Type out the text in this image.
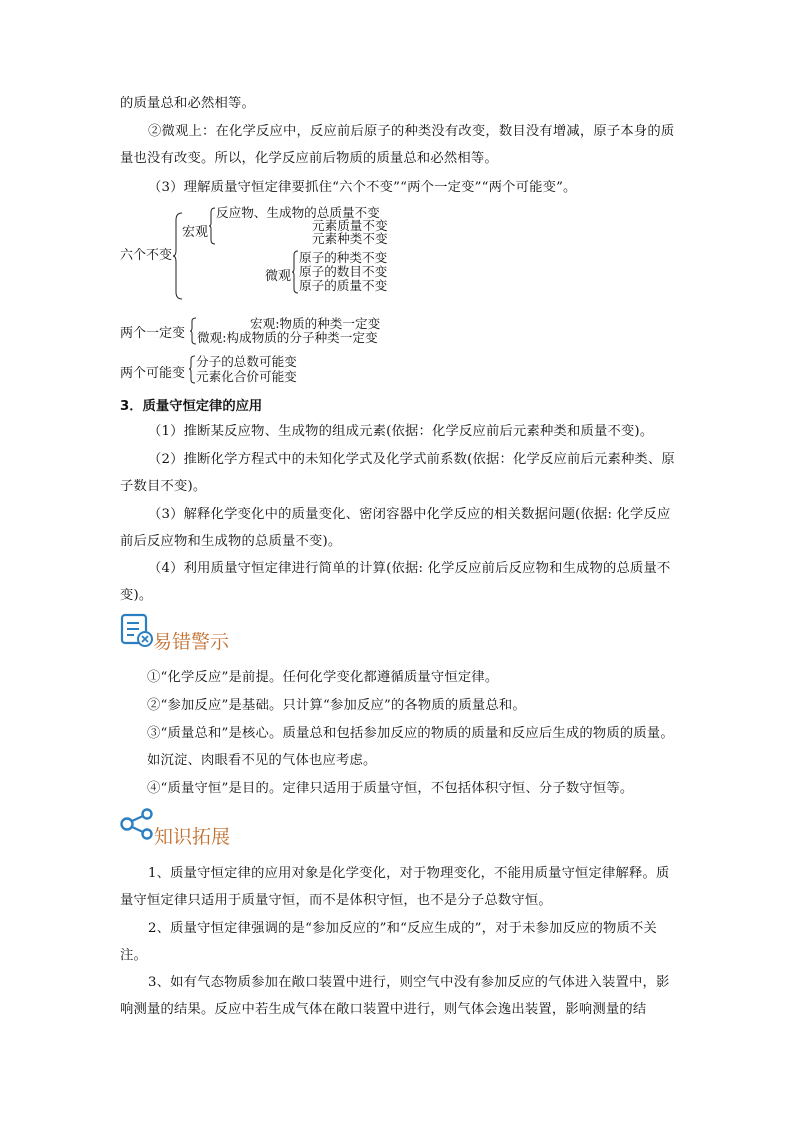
的质量总和必然相等。

②微观上：在化学反应中，反应前后原子的种类没有改变，数目没有增减，原子本身的质量也没有改变。所以，化学反应前后物质的质量总和必然相等。

（3）理解质量守恒定律要抓住“六个不变”“两个一定变”“两个可能变”。

六个不变
宏观
反应物、生成物的总质量不变
元素质量不变
元素种类不变
微观
原子的种类不变
原子的数目不变
原子的质量不变
两个一定变
宏观:物质的种类一定变
微观:构成物质的分子种类一定变
两个可能变
分子的总数可能变
元素化合价可能变
3．质量守恒定律的应用

（1）推断某反应物、生成物的组成元素(依据：化学反应前后元素种类和质量不变)。

（2）推断化学方程式中的未知化学式及化学式前系数(依据：化学反应前后元素种类、原子数目不变)。

（3）解释化学变化中的质量变化、密闭容器中化学反应的相关数据问题(依据: 化学反应前后反应物和生成物的总质量不变)。

（4）利用质量守恒定律进行简单的计算(依据: 化学反应前后反应物和生成物的总质量不变)。

易错警示

①“化学反应”是前提。任何化学变化都遵循质量守恒定律。

②“参加反应”是基础。只计算“参加反应”的各物质的质量总和。

③“质量总和”是核心。质量总和包括参加反应的物质的质量和反应后生成的物质的质量。如沉淀、肉眼看不见的气体也应考虑。

④“质量守恒”是目的。定律只适用于质量守恒，不包括体积守恒、分子数守恒等。

知识拓展

1、质量守恒定律的应用对象是化学变化，对于物理变化，不能用质量守恒定律解释。质量守恒定律只适用于质量守恒，而不是体积守恒，也不是分子总数守恒。

2、质量守恒定律强调的是“参加反应的”和“反应生成的”，对于未参加反应的物质不关注。

3、如有气态物质参加在敞口装置中进行，则空气中没有参加反应的气体进入装置中，影响测量的结果。反应中若生成气体在敞口装置中进行，则气体会逸出装置，影响测量的结
